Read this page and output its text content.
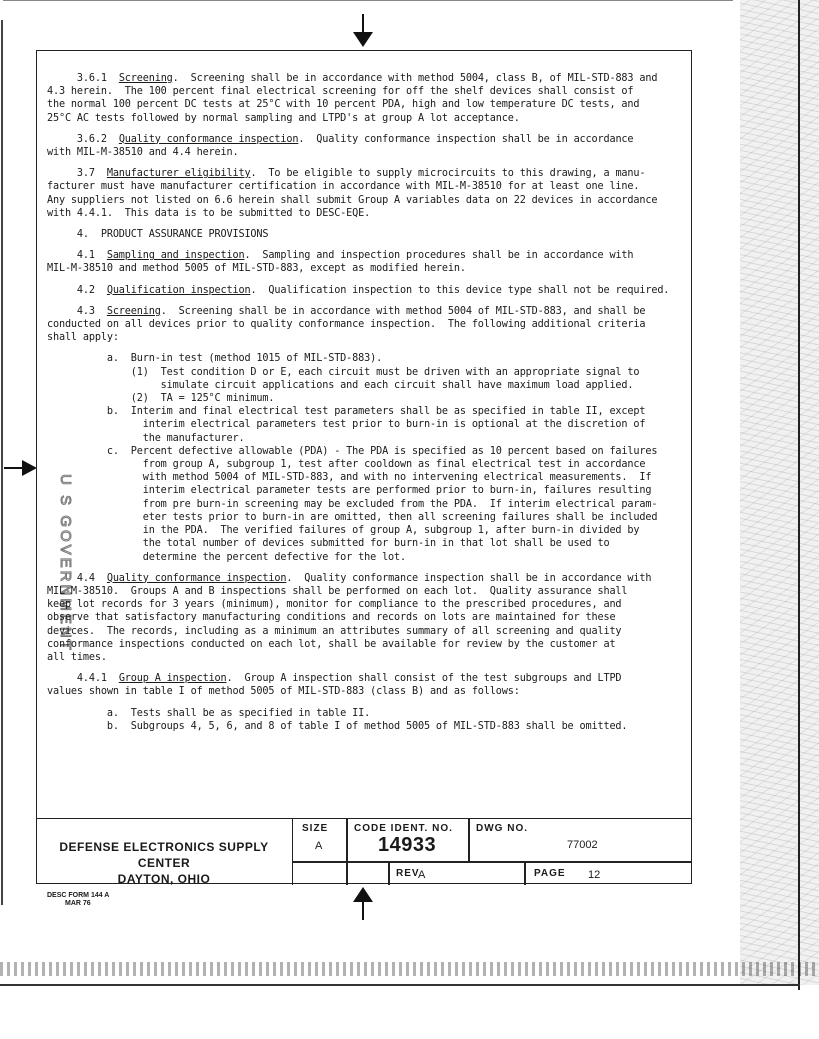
U S GOVERNMENT
3.6.1  Screening.  Screening shall be in accordance with method 5004, class B, of MIL-STD-883 and
4.3 herein.  The 100 percent final electrical screening for off the shelf devices shall consist of
the normal 100 percent DC tests at 25°C with 10 percent PDA, high and low temperature DC tests, and
25°C AC tests followed by normal sampling and LTPD's at group A lot acceptance.
3.6.2  Quality conformance inspection.  Quality conformance inspection shall be in accordance
with MIL-M-38510 and 4.4 herein.
3.7  Manufacturer eligibility.  To be eligible to supply microcircuits to this drawing, a manu-
facturer must have manufacturer certification in accordance with MIL-M-38510 for at least one line.
Any suppliers not listed on 6.6 herein shall submit Group A variables data on 22 devices in accordance
with 4.4.1.  This data is to be submitted to DESC-EQE.
4.  PRODUCT ASSURANCE PROVISIONS
4.1  Sampling and inspection.  Sampling and inspection procedures shall be in accordance with
MIL-M-38510 and method 5005 of MIL-STD-883, except as modified herein.
4.2  Qualification inspection.  Qualification inspection to this device type shall not be required.
4.3  Screening.  Screening shall be in accordance with method 5004 of MIL-STD-883, and shall be
conducted on all devices prior to quality conformance inspection.  The following additional criteria
shall apply:
a.  Burn-in test (method 1015 of MIL-STD-883).
(1)  Test condition D or E, each circuit must be driven with an appropriate signal to
simulate circuit applications and each circuit shall have maximum load applied.
(2)  TA = 125°C minimum.
b.  Interim and final electrical test parameters shall be as specified in table II, except
interim electrical parameters test prior to burn-in is optional at the discretion of
the manufacturer.
c.  Percent defective allowable (PDA) - The PDA is specified as 10 percent based on failures
from group A, subgroup 1, test after cooldown as final electrical test in accordance
with method 5004 of MIL-STD-883, and with no intervening electrical measurements.  If
interim electrical parameter tests are performed prior to burn-in, failures resulting
from pre burn-in screening may be excluded from the PDA.  If interim electrical param-
eter tests prior to burn-in are omitted, then all screening failures shall be included
in the PDA.  The verified failures of group A, subgroup 1, after burn-in divided by
the total number of devices submitted for burn-in in that lot shall be used to
determine the percent defective for the lot.
4.4  Quality conformance inspection.  Quality conformance inspection shall be in accordance with
MIL-M-38510.  Groups A and B inspections shall be performed on each lot.  Quality assurance shall
keep lot records for 3 years (minimum), monitor for compliance to the prescribed procedures, and
observe that satisfactory manufacturing conditions and records on lots are maintained for these
devices.  The records, including as a minimum an attributes summary of all screening and quality
conformance inspections conducted on each lot, shall be available for review by the customer at
all times.
4.4.1  Group A inspection.  Group A inspection shall consist of the test subgroups and LTPD
values shown in table I of method 5005 of MIL-STD-883 (class B) and as follows:
a.  Tests shall be as specified in table II.
b.  Subgroups 4, 5, 6, and 8 of table I of method 5005 of MIL-STD-883 shall be omitted.
DEFENSE ELECTRONICS SUPPLY CENTER
DAYTON, OHIO
SIZE
A
CODE IDENT. NO.
14933
DWG NO.
77002
REV
A	PAGE 12
DESC FORM 144 A
MAR 76
